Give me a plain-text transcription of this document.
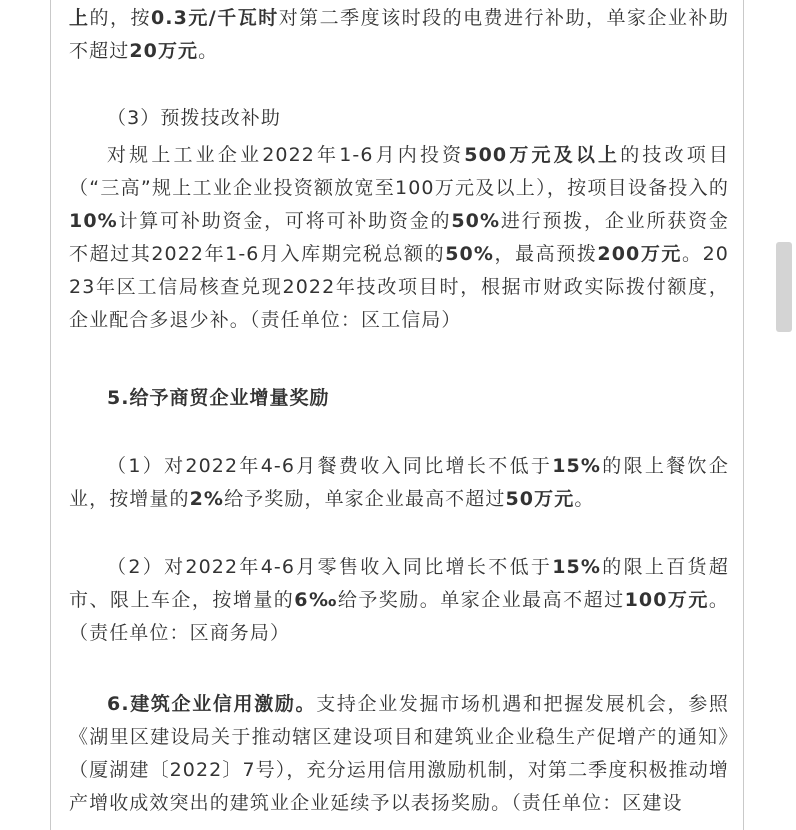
上的，按0.3元/千瓦时对第二季度该时段的电费进行补助，单家企业补助不超过20万元。

（3）预拨技改补助

对规上工业企业2022年1-6月内投资500万元及以上的技改项目（“三高”规上工业企业投资额放宽至100万元及以上），按项目设备投入的10%计算可补助资金，可将可补助资金的50%进行预拨，企业所获资金不超过其2022年1-6月入库期完税总额的50%，最高预拨200万元。2023年区工信局核查兑现2022年技改项目时，根据市财政实际拨付额度，企业配合多退少补。（责任单位：区工信局）

5.给予商贸企业增量奖励

（1）对2022年4-6月餐费收入同比增长不低于15%的限上餐饮企业，按增量的2%给予奖励，单家企业最高不超过50万元。

（2）对2022年4-6月零售收入同比增长不低于15%的限上百货超市、限上车企，按增量的6‰给予奖励。单家企业最高不超过100万元。（责任单位：区商务局）

6.建筑企业信用激励。支持企业发掘市场机遇和把握发展机会，参照《湖里区建设局关于推动辖区建设项目和建筑业企业稳生产促增产的通知》（厦湖建〔2022〕7号），充分运用信用激励机制，对第二季度积极推动增产增收成效突出的建筑业企业延续予以表扬奖励。（责任单位：区建设
